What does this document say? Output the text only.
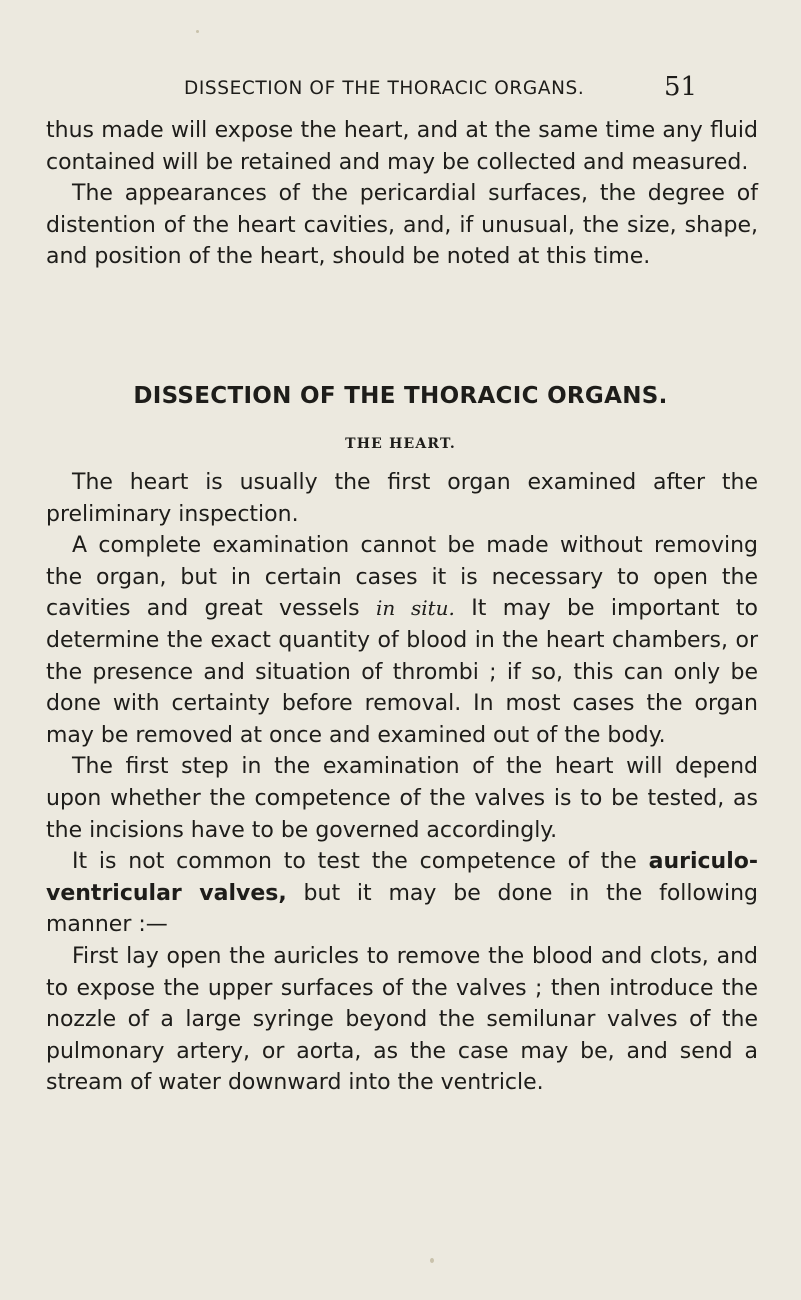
DISSECTION OF THE THORACIC ORGANS.	51

thus made will expose the heart, and at the same time any fluid contained will be retained and may be collected and measured.

The appearances of the pericardial surfaces, the degree of distention of the heart cavities, and, if unusual, the size, shape, and position of the heart, should be noted at this time.

DISSECTION OF THE THORACIC ORGANS.
THE HEART.

The heart is usually the first organ examined after the preliminary inspection.

A complete examination cannot be made without removing the organ, but in certain cases it is necessary to open the cavities and great vessels in situ. It may be important to determine the exact quantity of blood in the heart chambers, or the presence and situation of thrombi ; if so, this can only be done with certainty before removal. In most cases the organ may be removed at once and examined out of the body.

The first step in the examination of the heart will depend upon whether the competence of the valves is to be tested, as the incisions have to be governed accordingly.

It is not common to test the competence of the auriculo-ventricular valves, but it may be done in the following manner :—

First lay open the auricles to remove the blood and clots, and to expose the upper surfaces of the valves ; then introduce the nozzle of a large syringe beyond the semilunar valves of the pulmonary artery, or aorta, as the case may be, and send a stream of water downward into the ventricle.
